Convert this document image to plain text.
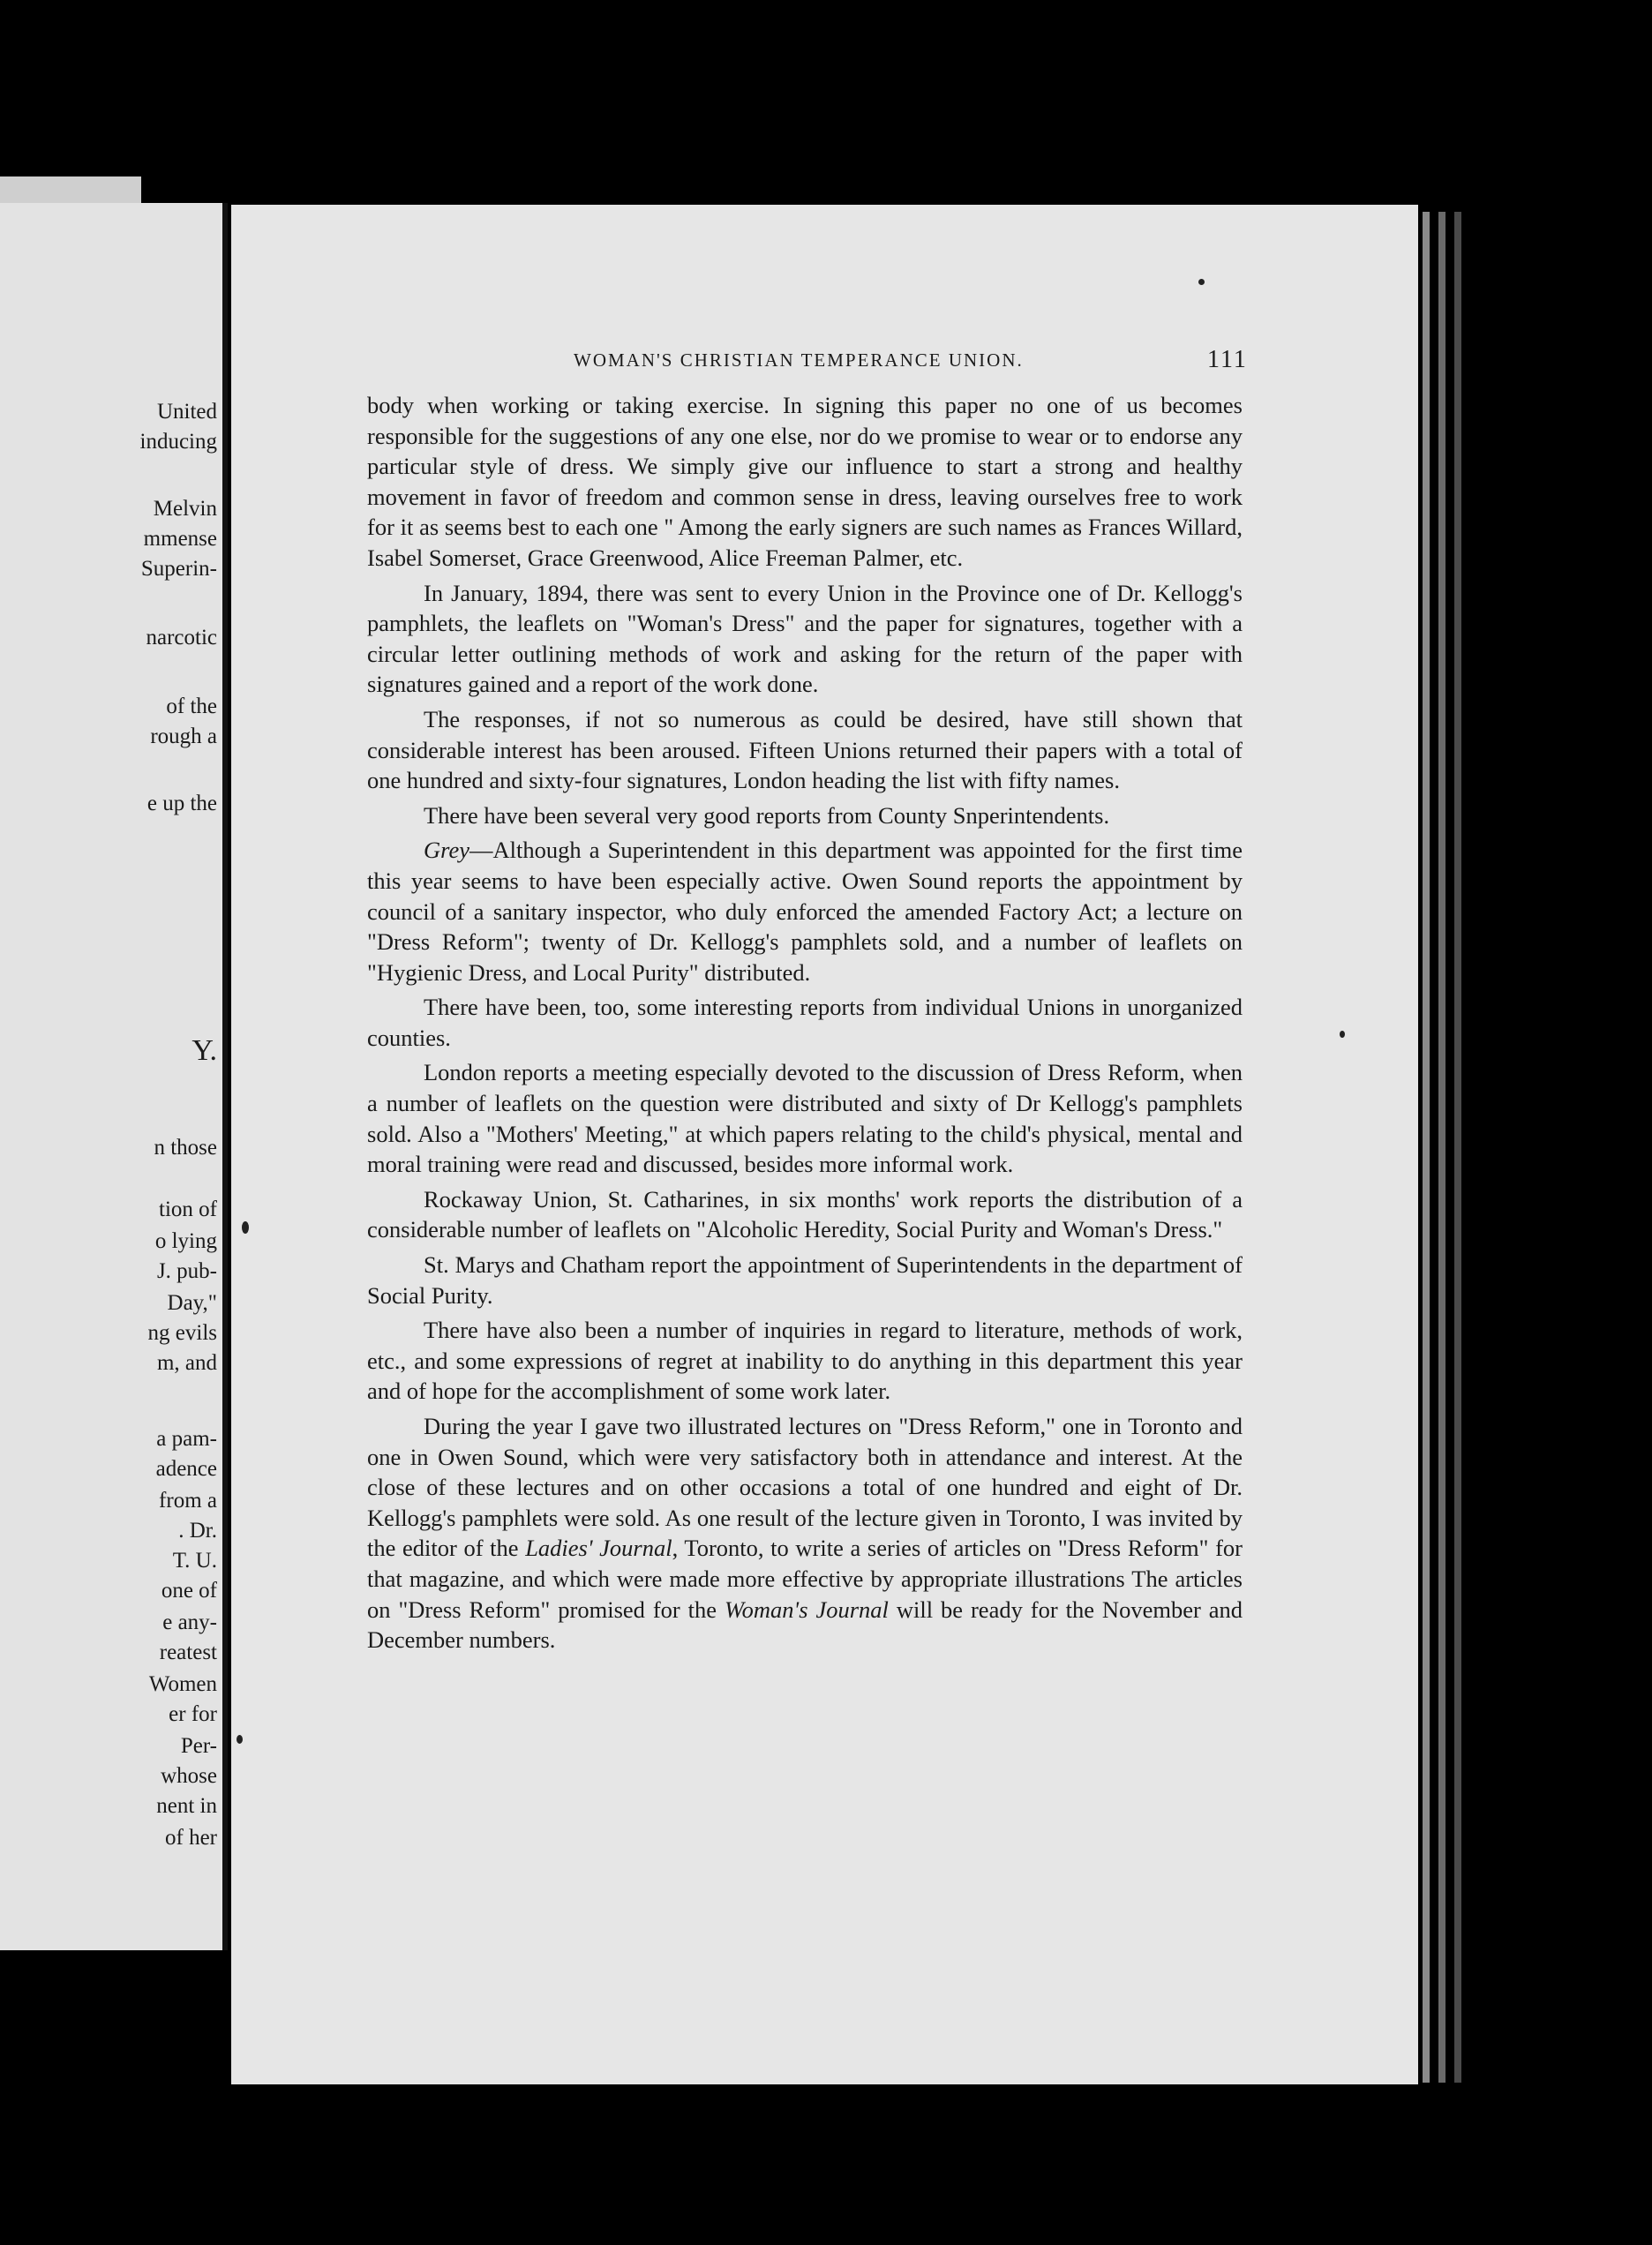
United

inducing

Melvin

mmense

Superin-

narcotic

of the

rough a

e up the

Y.

n those

tion of

o lying

J. pub-

Day,"

ng evils

m, and

a pam-

adence

from a

. Dr.

T. U.

one of

e any-

reatest

Women

er for

Per-

whose

nent in

of her

WOMAN'S CHRISTIAN TEMPERANCE UNION.	111

body when working or taking exercise. In signing this paper no one of us becomes responsible for the suggestions of any one else, nor do we promise to wear or to endorse any particular style of dress. We simply give our influence to start a strong and healthy movement in favor of freedom and common sense in dress, leaving ourselves free to work for it as seems best to each one " Among the early signers are such names as Frances Willard, Isabel Somerset, Grace Greenwood, Alice Freeman Palmer, etc.

In January, 1894, there was sent to every Union in the Province one of Dr. Kellogg's pamphlets, the leaflets on "Woman's Dress" and the paper for signatures, together with a circular letter outlining methods of work and asking for the return of the paper with signatures gained and a report of the work done.

The responses, if not so numerous as could be desired, have still shown that considerable interest has been aroused. Fifteen Unions returned their papers with a total of one hundred and sixty-four signatures, London heading the list with fifty names.

There have been several very good reports from County Snperintendents.

Grey—Although a Superintendent in this department was appointed for the first time this year seems to have been especially active. Owen Sound reports the appointment by council of a sanitary inspector, who duly enforced the amended Factory Act; a lecture on "Dress Reform"; twenty of Dr. Kellogg's pamphlets sold, and a number of leaflets on "Hygienic Dress, and Local Purity" distributed.

There have been, too, some interesting reports from individual Unions in unorganized counties.

London reports a meeting especially devoted to the discussion of Dress Reform, when a number of leaflets on the question were distributed and sixty of Dr Kellogg's pamphlets sold. Also a "Mothers' Meeting," at which papers relating to the child's physical, mental and moral training were read and discussed, besides more informal work.

Rockaway Union, St. Catharines, in six months' work reports the distribution of a considerable number of leaflets on "Alcoholic Heredity, Social Purity and Woman's Dress."

St. Marys and Chatham report the appointment of Superintendents in the department of Social Purity.

There have also been a number of inquiries in regard to literature, methods of work, etc., and some expressions of regret at inability to do anything in this department this year and of hope for the accomplishment of some work later.

During the year I gave two illustrated lectures on "Dress Reform," one in Toronto and one in Owen Sound, which were very satisfactory both in attendance and interest. At the close of these lectures and on other occasions a total of one hundred and eight of Dr. Kellogg's pamphlets were sold. As one result of the lecture given in Toronto, I was invited by the editor of the Ladies' Journal, Toronto, to write a series of articles on "Dress Reform" for that magazine, and which were made more effective by appropriate illustrations The articles on "Dress Reform" promised for the Woman's Journal will be ready for the November and December numbers.
